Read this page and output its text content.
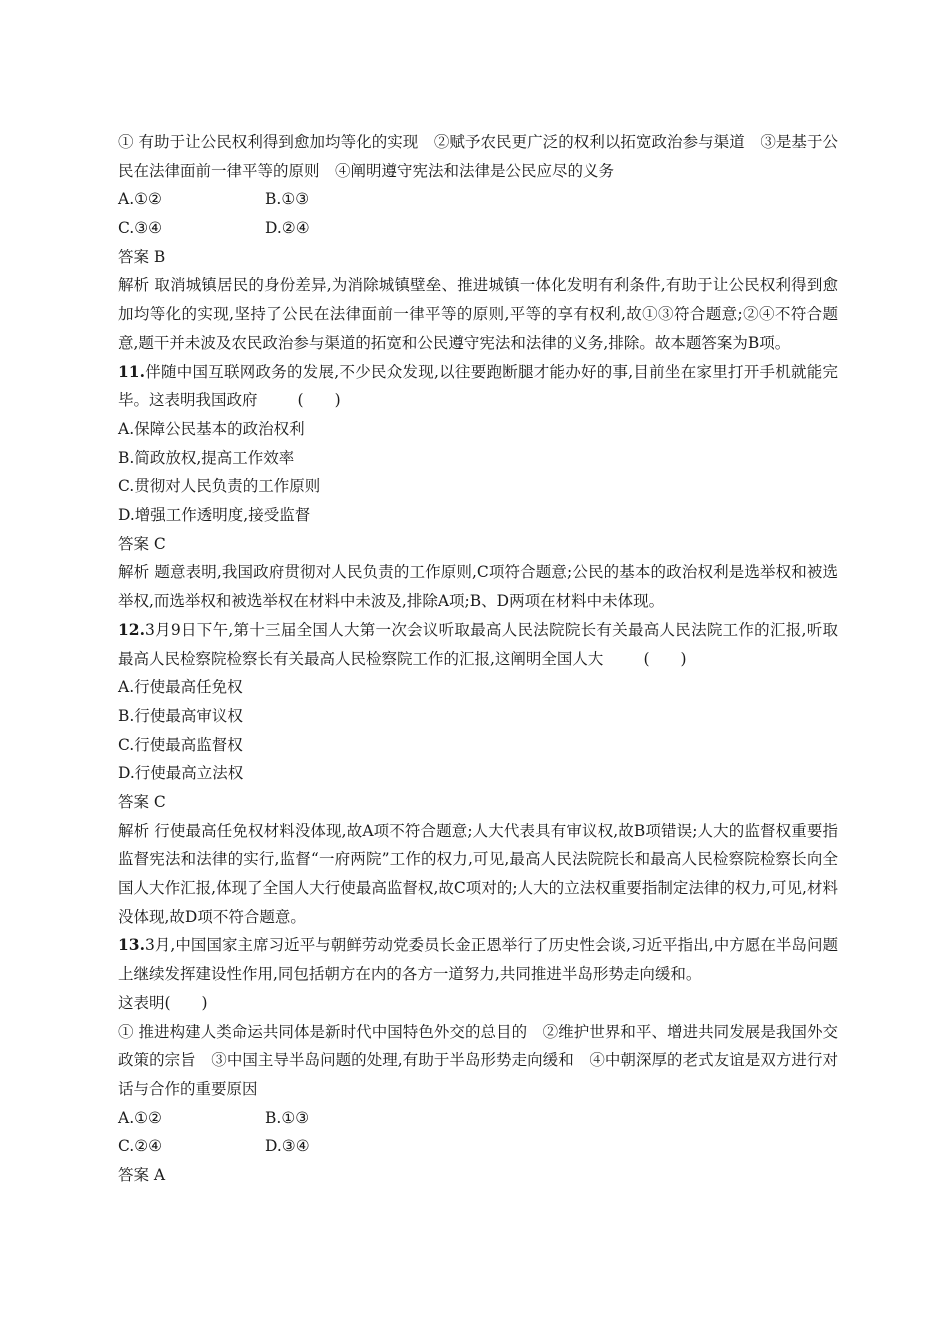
① 有助于让公民权利得到愈加均等化的实现　②赋予农民更广泛的权利以拓宽政治参与渠道　③是基于公民在法律面前一律平等的原则　④阐明遵守宪法和法律是公民应尽的义务
A.①②	B.①③
C.③④	D.②④
答案 B
解析 取消城镇居民的身份差异,为消除城镇壁垒、推进城镇一体化发明有利条件,有助于让公民权利得到愈加均等化的实现,坚持了公民在法律面前一律平等的原则,平等的享有权利,故①③符合题意;②④不符合题意,题干并未波及农民政治参与渠道的拓宽和公民遵守宪法和法律的义务,排除。故本题答案为B项。
11.伴随中国互联网政务的发展,不少民众发现,以往要跑断腿才能办好的事,目前坐在家里打开手机就能完毕。这表明我国政府	(　　)
A.保障公民基本的政治权利
B.简政放权,提高工作效率
C.贯彻对人民负责的工作原则
D.增强工作透明度,接受监督
答案 C
解析 题意表明,我国政府贯彻对人民负责的工作原则,C项符合题意;公民的基本的政治权利是选举权和被选举权,而选举权和被选举权在材料中未波及,排除A项;B、D两项在材料中未体现。
12.3月9日下午,第十三届全国人大第一次会议听取最高人民法院院长有关最高人民法院工作的汇报,听取最高人民检察院检察长有关最高人民检察院工作的汇报,这阐明全国人大	(　　)
A.行使最高任免权
B.行使最高审议权
C.行使最高监督权
D.行使最高立法权
答案 C
解析 行使最高任免权材料没体现,故A项不符合题意;人大代表具有审议权,故B项错误;人大的监督权重要指监督宪法和法律的实行,监督“一府两院”工作的权力,可见,最高人民法院院长和最高人民检察院检察长向全国人大作汇报,体现了全国人大行使最高监督权,故C项对的;人大的立法权重要指制定法律的权力,可见,材料没体现,故D项不符合题意。
13.3月,中国国家主席习近平与朝鲜劳动党委员长金正恩举行了历史性会谈,习近平指出,中方愿在半岛问题上继续发挥建设性作用,同包括朝方在内的各方一道努力,共同推进半岛形势走向缓和。
这表明(　　)
① 推进构建人类命运共同体是新时代中国特色外交的总目的　②维护世界和平、增进共同发展是我国外交政策的宗旨　③中国主导半岛问题的处理,有助于半岛形势走向缓和　④中朝深厚的老式友谊是双方进行对话与合作的重要原因
A.①②	B.①③
C.②④	D.③④
答案 A
